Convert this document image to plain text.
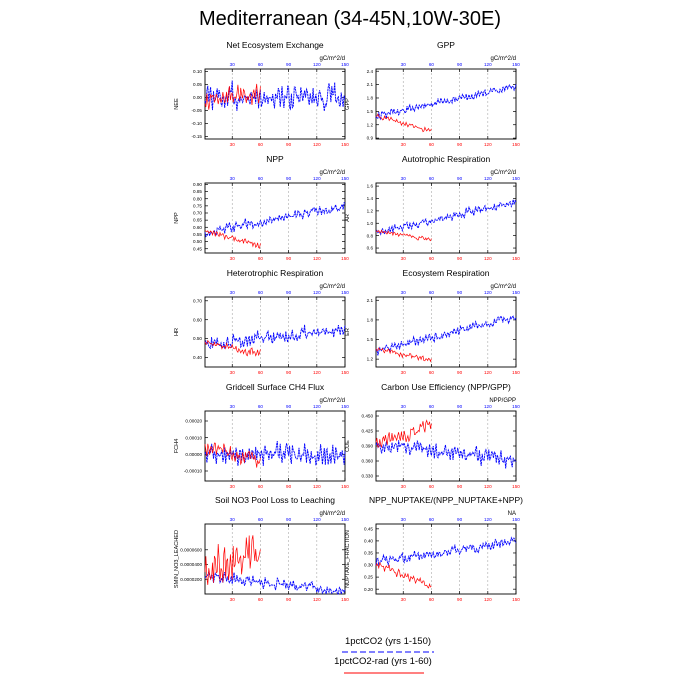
Mediterranean (34-45N,10W-30E)
Net Ecosystem Exchange
gC/m^2/d
-0.15
-0.10
-0.05
0.00
0.05
0.10
30
30
60
60
90
90
120
120
150
150
NEE
GPP
gC/m^2/d
0.9
1.2
1.5
1.8
2.1
2.4
30
30
60
60
90
90
120
120
150
150
GPP
NPP
gC/m^2/d
0.45
0.50
0.55
0.60
0.65
0.70
0.75
0.80
0.85
0.90
30
30
60
60
90
90
120
120
150
150
NPP
Autotrophic Respiration
gC/m^2/d
0.6
0.8
1.0
1.2
1.4
1.6
30
30
60
60
90
90
120
120
150
150
AR
Heterotrophic Respiration
gC/m^2/d
0.40
0.50
0.60
0.70
30
30
60
60
90
90
120
120
150
150
HR
Ecosystem Respiration
gC/m^2/d
1.2
1.5
1.8
2.1
30
30
60
60
90
90
120
120
150
150
ER
Gridcell Surface CH4 Flux
gC/m^2/d
-0.00010
0.00000
0.00010
0.00020
30
30
60
60
90
90
120
120
150
150
FCH4
Carbon Use Efficiency (NPP/GPP)
NPP/GPP
0.330
0.360
0.390
0.425
0.450
30
30
60
60
90
90
120
120
150
150
CUE
Soil NO3 Pool Loss to Leaching
gN/m^2/d
0.0000200
0.0000400
0.0000600
30
30
60
60
90
90
120
120
150
150
SMIN_NO3_LEACHED
NPP_NUPTAKE/(NPP_NUPTAKE+NPP)
NA
0.20
0.25
0.30
0.35
0.40
0.45
30
30
60
60
90
90
120
120
150
150
NUPTAKE_FRACTION
1pctCO2 (yrs 1-150)
1pctCO2-rad (yrs 1-60)
